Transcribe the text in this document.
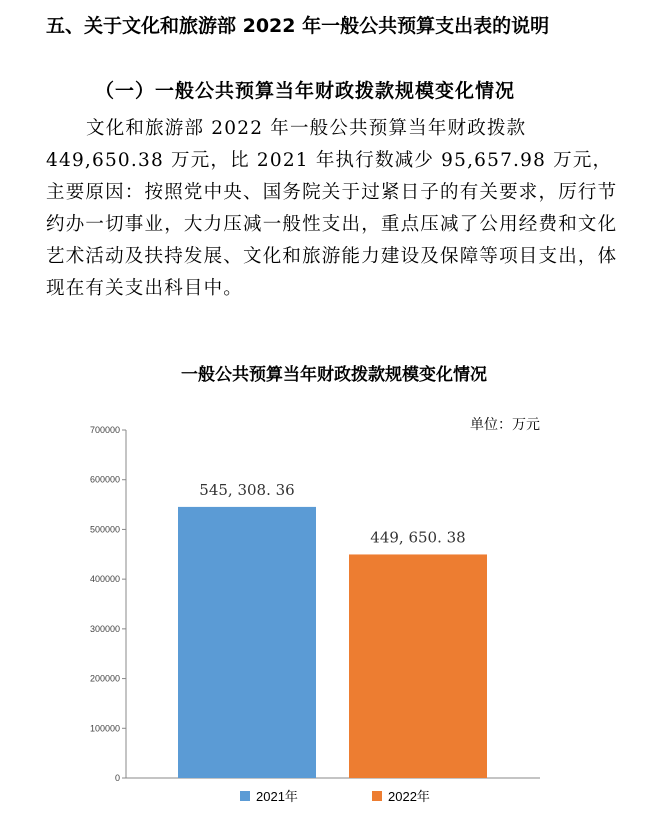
五、关于文化和旅游部 2022 年一般公共预算支出表的说明
（一）一般公共预算当年财政拨款规模变化情况

文化和旅游部 2022 年一般公共预算当年财政拨款 449,650.38 万元，比 2021 年执行数减少 95,657.98 万元，主要原因：按照党中央、国务院关于过紧日子的有关要求，厉行节约办一切事业，大力压减一般性支出，重点压减了公用经费和文化艺术活动及扶持发展、文化和旅游能力建设及保障等项目支出，体现在有关支出科目中。

一般公共预算当年财政拨款规模变化情况
单位：万元
0
100000
200000
300000
400000
500000
600000
700000
545, 308. 36
449, 650. 38
2021年	2022年
